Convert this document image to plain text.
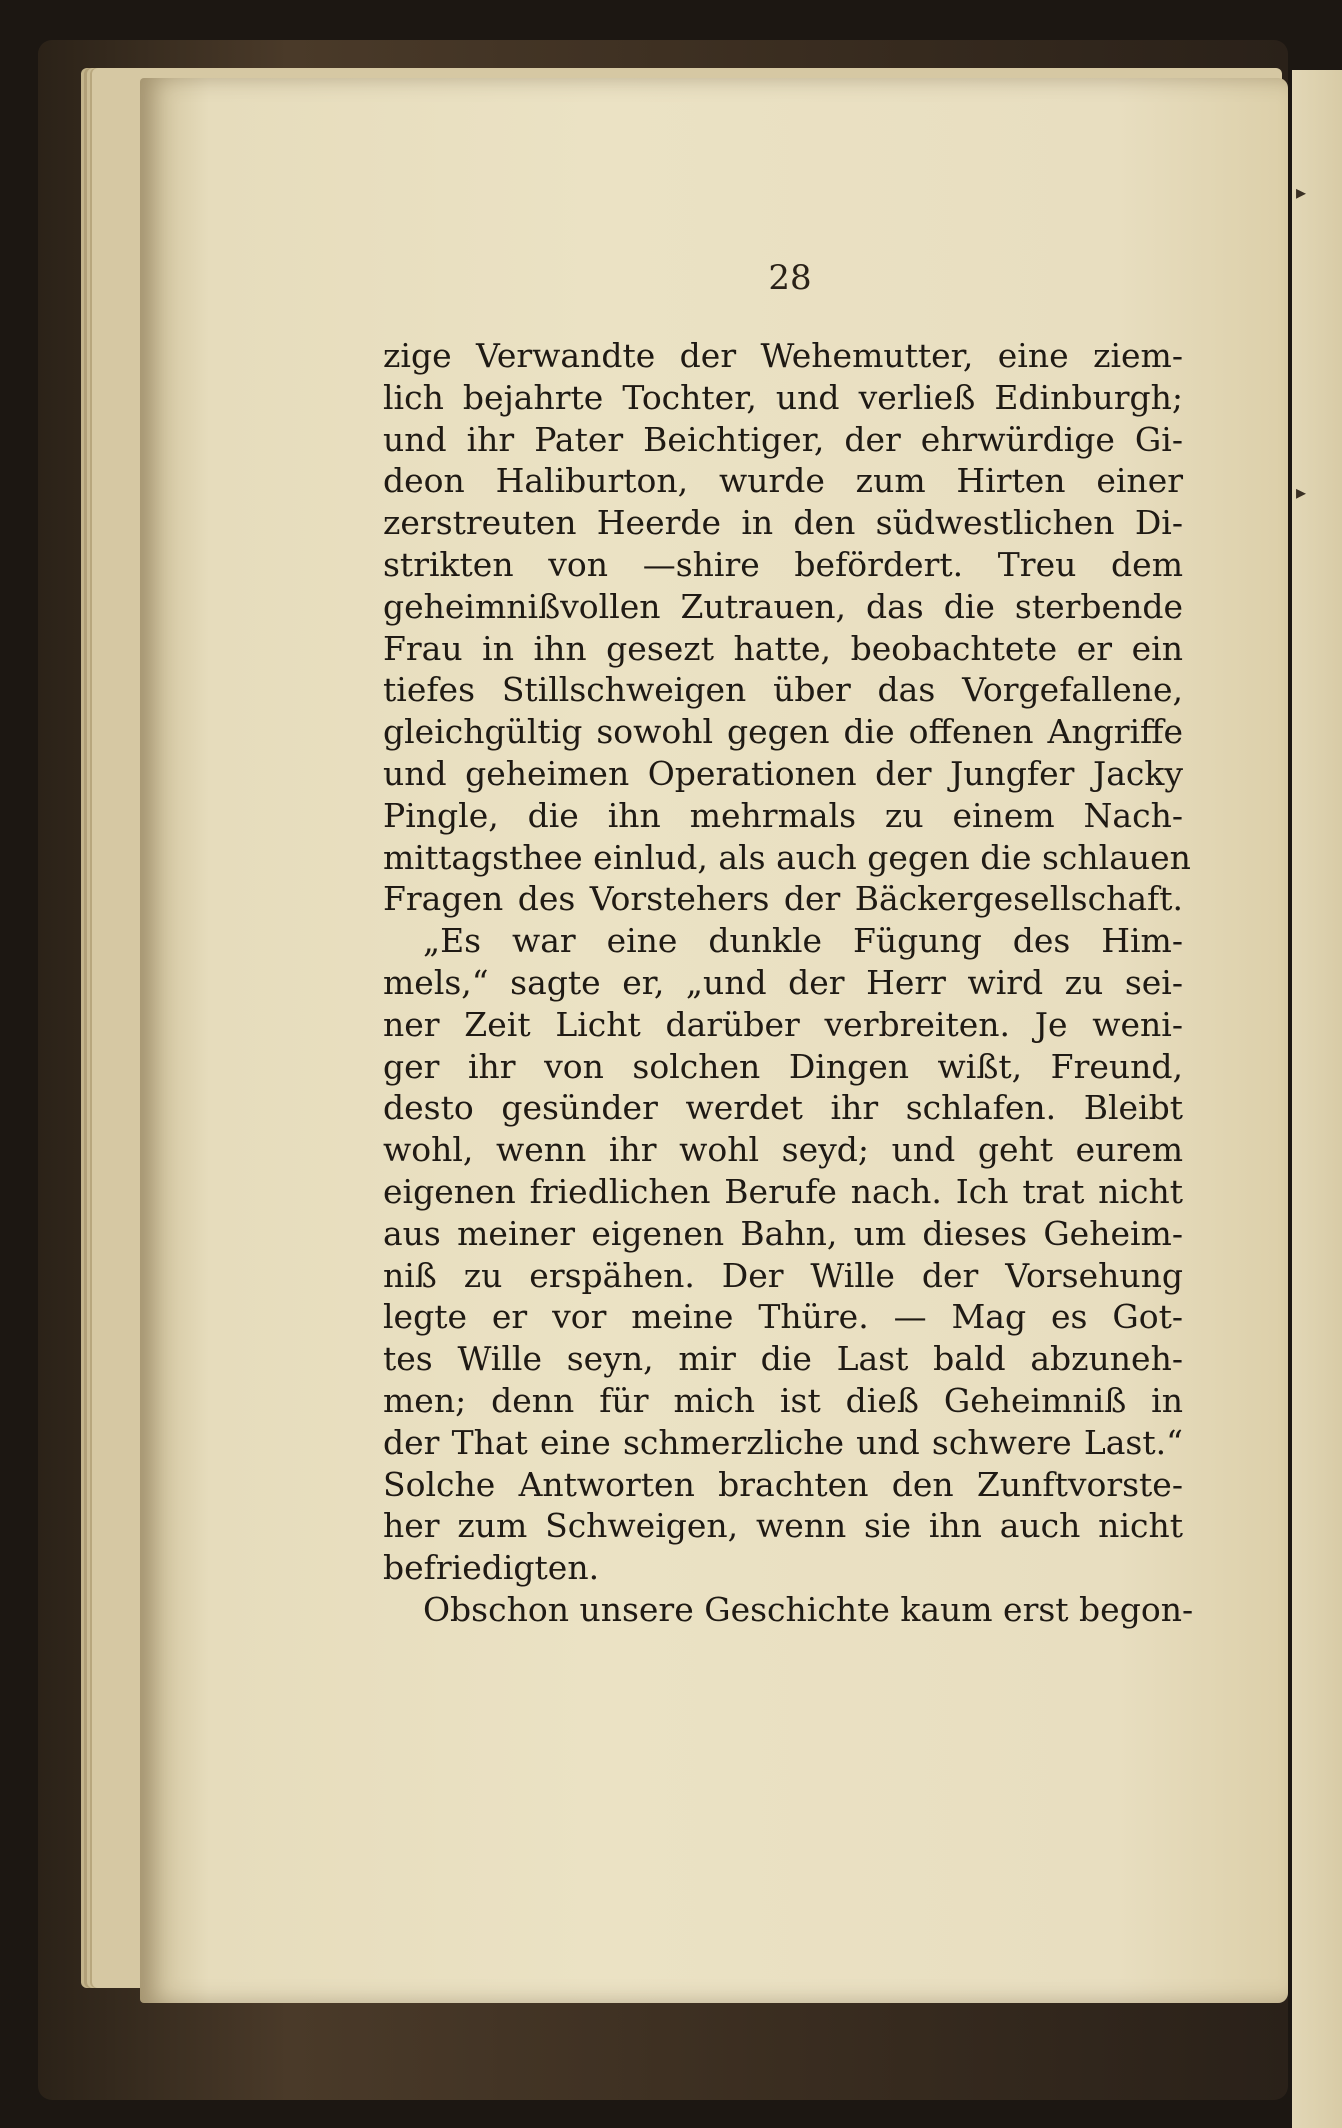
▸
▸

28

zige Verwandte der Wehemutter, eine ziem-

lich bejahrte Tochter, und verließ Edinburgh;

und ihr Pater Beichtiger, der ehrwürdige Gi-

deon Haliburton, wurde zum Hirten einer

zerstreuten Heerde in den südwestlichen Di-

strikten von —shire befördert. Treu dem

geheimnißvollen Zutrauen, das die sterbende

Frau in ihn gesezt hatte, beobachtete er ein

tiefes Stillschweigen über das Vorgefallene,

gleichgültig sowohl gegen die offenen Angriffe

und geheimen Operationen der Jungfer Jacky

Pingle, die ihn mehrmals zu einem Nach-

mittagsthee einlud, als auch gegen die schlauen

Fragen des Vorstehers der Bäckergesellschaft.

„Es war eine dunkle Fügung des Him-

mels,“ sagte er, „und der Herr wird zu sei-

ner Zeit Licht darüber verbreiten. Je weni-

ger ihr von solchen Dingen wißt, Freund,

desto gesünder werdet ihr schlafen. Bleibt

wohl, wenn ihr wohl seyd; und geht eurem

eigenen friedlichen Berufe nach. Ich trat nicht

aus meiner eigenen Bahn, um dieses Geheim-

niß zu erspähen. Der Wille der Vorsehung

legte er vor meine Thüre. — Mag es Got-

tes Wille seyn, mir die Last bald abzuneh-

men; denn für mich ist dieß Geheimniß in

der That eine schmerzliche und schwere Last.“

Solche Antworten brachten den Zunftvorste-

her zum Schweigen, wenn sie ihn auch nicht

befriedigten.

Obschon unsere Geschichte kaum erst begon-
